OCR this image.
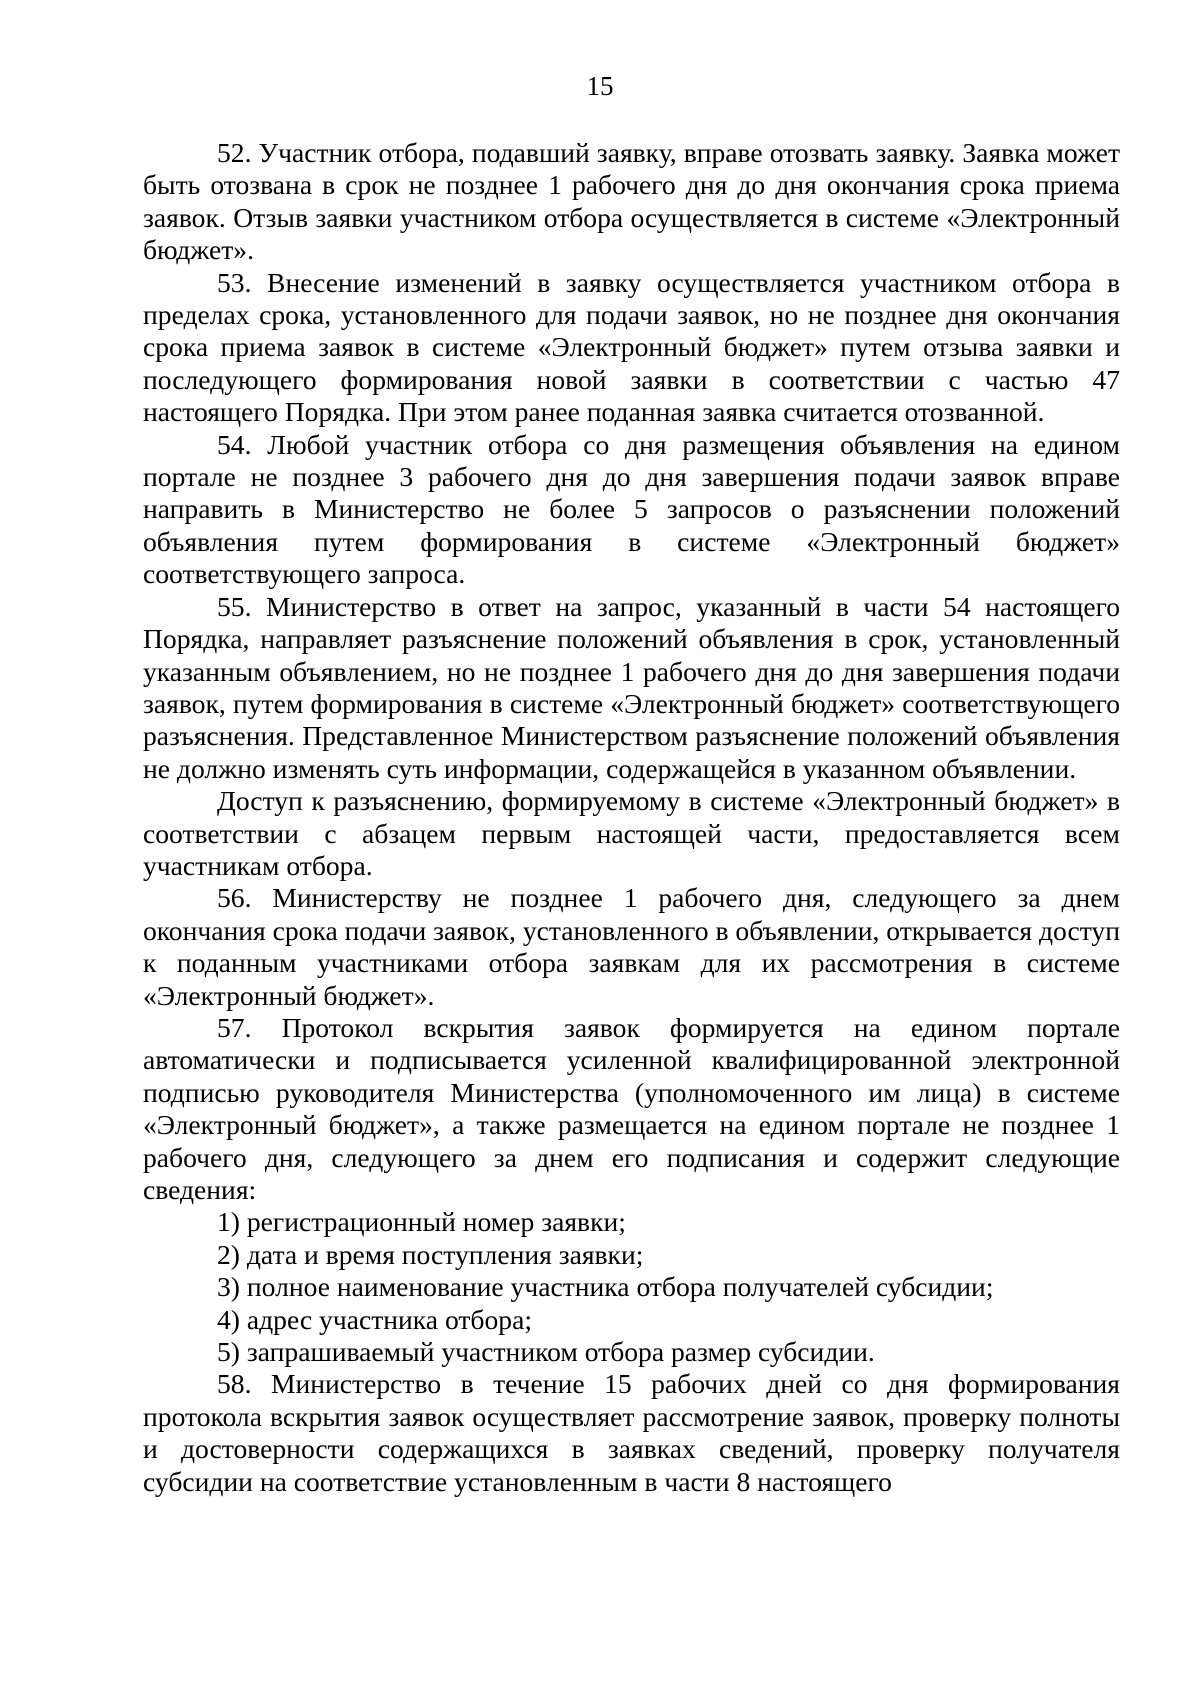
15

52. Участник отбора, подавший заявку, вправе отозвать заявку. Заявка может быть отозвана в срок не позднее 1 рабочего дня до дня окончания срока приема заявок. Отзыв заявки участником отбора осуществляется в системе «Электронный бюджет».

53. Внесение изменений в заявку осуществляется участником отбора в пределах срока, установленного для подачи заявок, но не позднее дня окончания срока приема заявок в системе «Электронный бюджет» путем отзыва заявки и последующего формирования новой заявки в соответствии с частью 47 настоящего Порядка. При этом ранее поданная заявка считается отозванной.

54. Любой участник отбора со дня размещения объявления на едином портале не позднее 3 рабочего дня до дня завершения подачи заявок вправе направить в Министерство не более 5 запросов о разъяснении положений объявления путем формирования в системе «Электронный бюджет» соответствующего запроса.

55. Министерство в ответ на запрос, указанный в части 54 настоящего Порядка, направляет разъяснение положений объявления в срок, установленный указанным объявлением, но не позднее 1 рабочего дня до дня завершения подачи заявок, путем формирования в системе «Электронный бюджет» соответствующего разъяснения. Представленное Министерством разъяснение положений объявления не должно изменять суть информации, содержащейся в указанном объявлении.

Доступ к разъяснению, формируемому в системе «Электронный бюджет» в соответствии с абзацем первым настоящей части, предоставляется всем участникам отбора.

56. Министерству не позднее 1 рабочего дня, следующего за днем окончания срока подачи заявок, установленного в объявлении, открывается доступ к поданным участниками отбора заявкам для их рассмотрения в системе «Электронный бюджет».

57. Протокол вскрытия заявок формируется на едином портале автоматически и подписывается усиленной квалифицированной электронной подписью руководителя Министерства (уполномоченного им лица) в системе «Электронный бюджет», а также размещается на едином портале не позднее 1 рабочего дня, следующего за днем его подписания и содержит следующие сведения:

1) регистрационный номер заявки;

2) дата и время поступления заявки;

3) полное наименование участника отбора получателей субсидии;

4) адрес участника отбора;

5) запрашиваемый участником отбора размер субсидии.

58. Министерство в течение 15 рабочих дней со дня формирования протокола вскрытия заявок осуществляет рассмотрение заявок, проверку полноты и достоверности содержащихся в заявках сведений, проверку получателя субсидии на соответствие установленным в части 8 настоящего
